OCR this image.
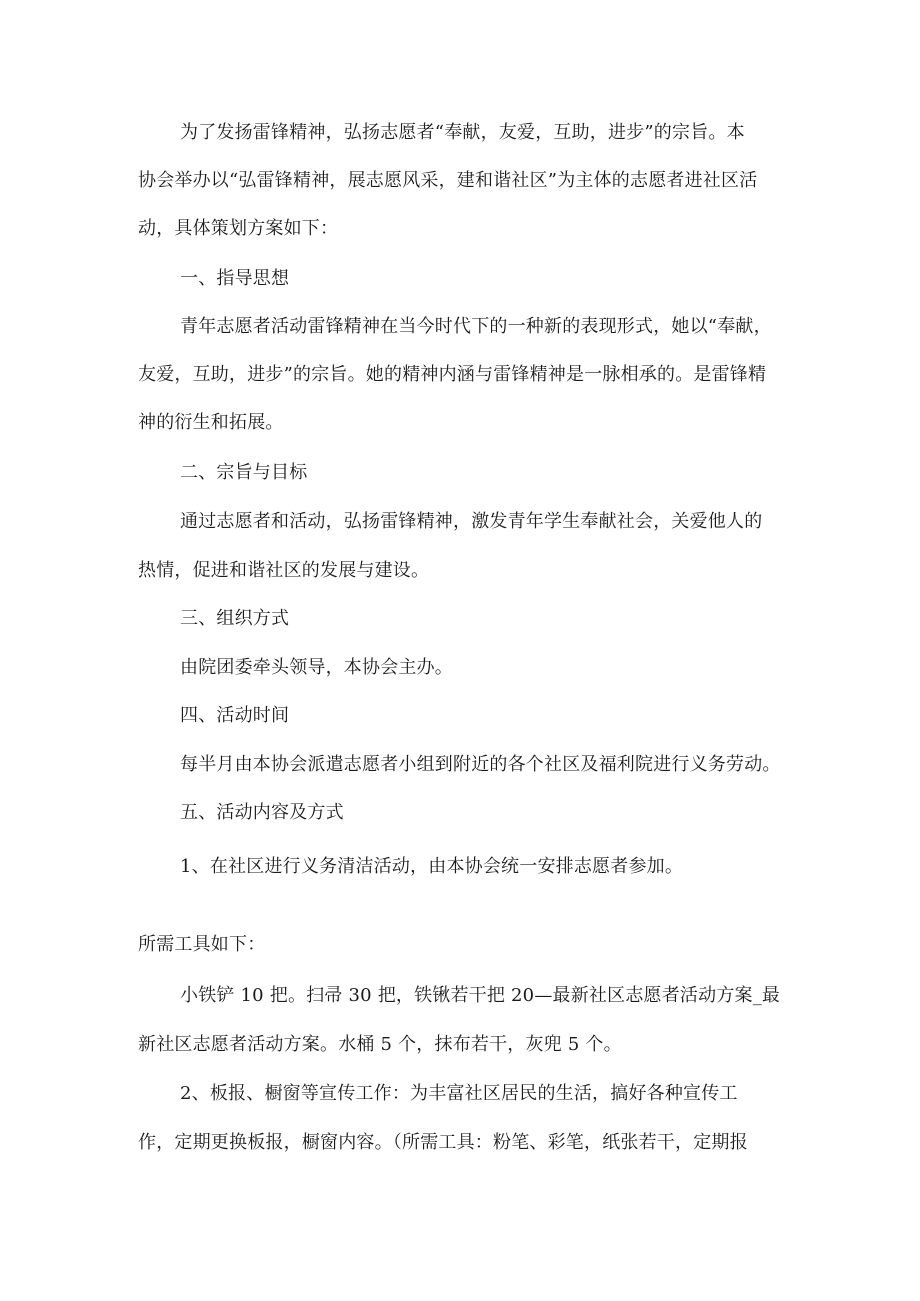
为了发扬雷锋精神，弘扬志愿者“奉献，友爱，互助，进步”的宗旨。本
协会举办以“弘雷锋精神，展志愿风采，建和谐社区”为主体的志愿者进社区活
动，具体策划方案如下：
一、指导思想
青年志愿者活动雷锋精神在当今时代下的一种新的表现形式，她以“奉献，
友爱，互助，进步”的宗旨。她的精神内涵与雷锋精神是一脉相承的。是雷锋精
神的衍生和拓展。
二、宗旨与目标
通过志愿者和活动，弘扬雷锋精神，激发青年学生奉献社会，关爱他人的
热情，促进和谐社区的发展与建设。
三、组织方式
由院团委牵头领导，本协会主办。
四、活动时间
每半月由本协会派遣志愿者小组到附近的各个社区及福利院进行义务劳动。
五、活动内容及方式
1、在社区进行义务清洁活动，由本协会统一安排志愿者参加。
所需工具如下：
小铁铲 10 把。扫帚 30 把，铁锹若干把 20—最新社区志愿者活动方案_最
新社区志愿者活动方案。水桶 5 个，抹布若干，灰兜 5 个。
2、板报、橱窗等宣传工作：为丰富社区居民的生活，搞好各种宣传工
作，定期更换板报，橱窗内容。（所需工具：粉笔、彩笔，纸张若干，定期报
